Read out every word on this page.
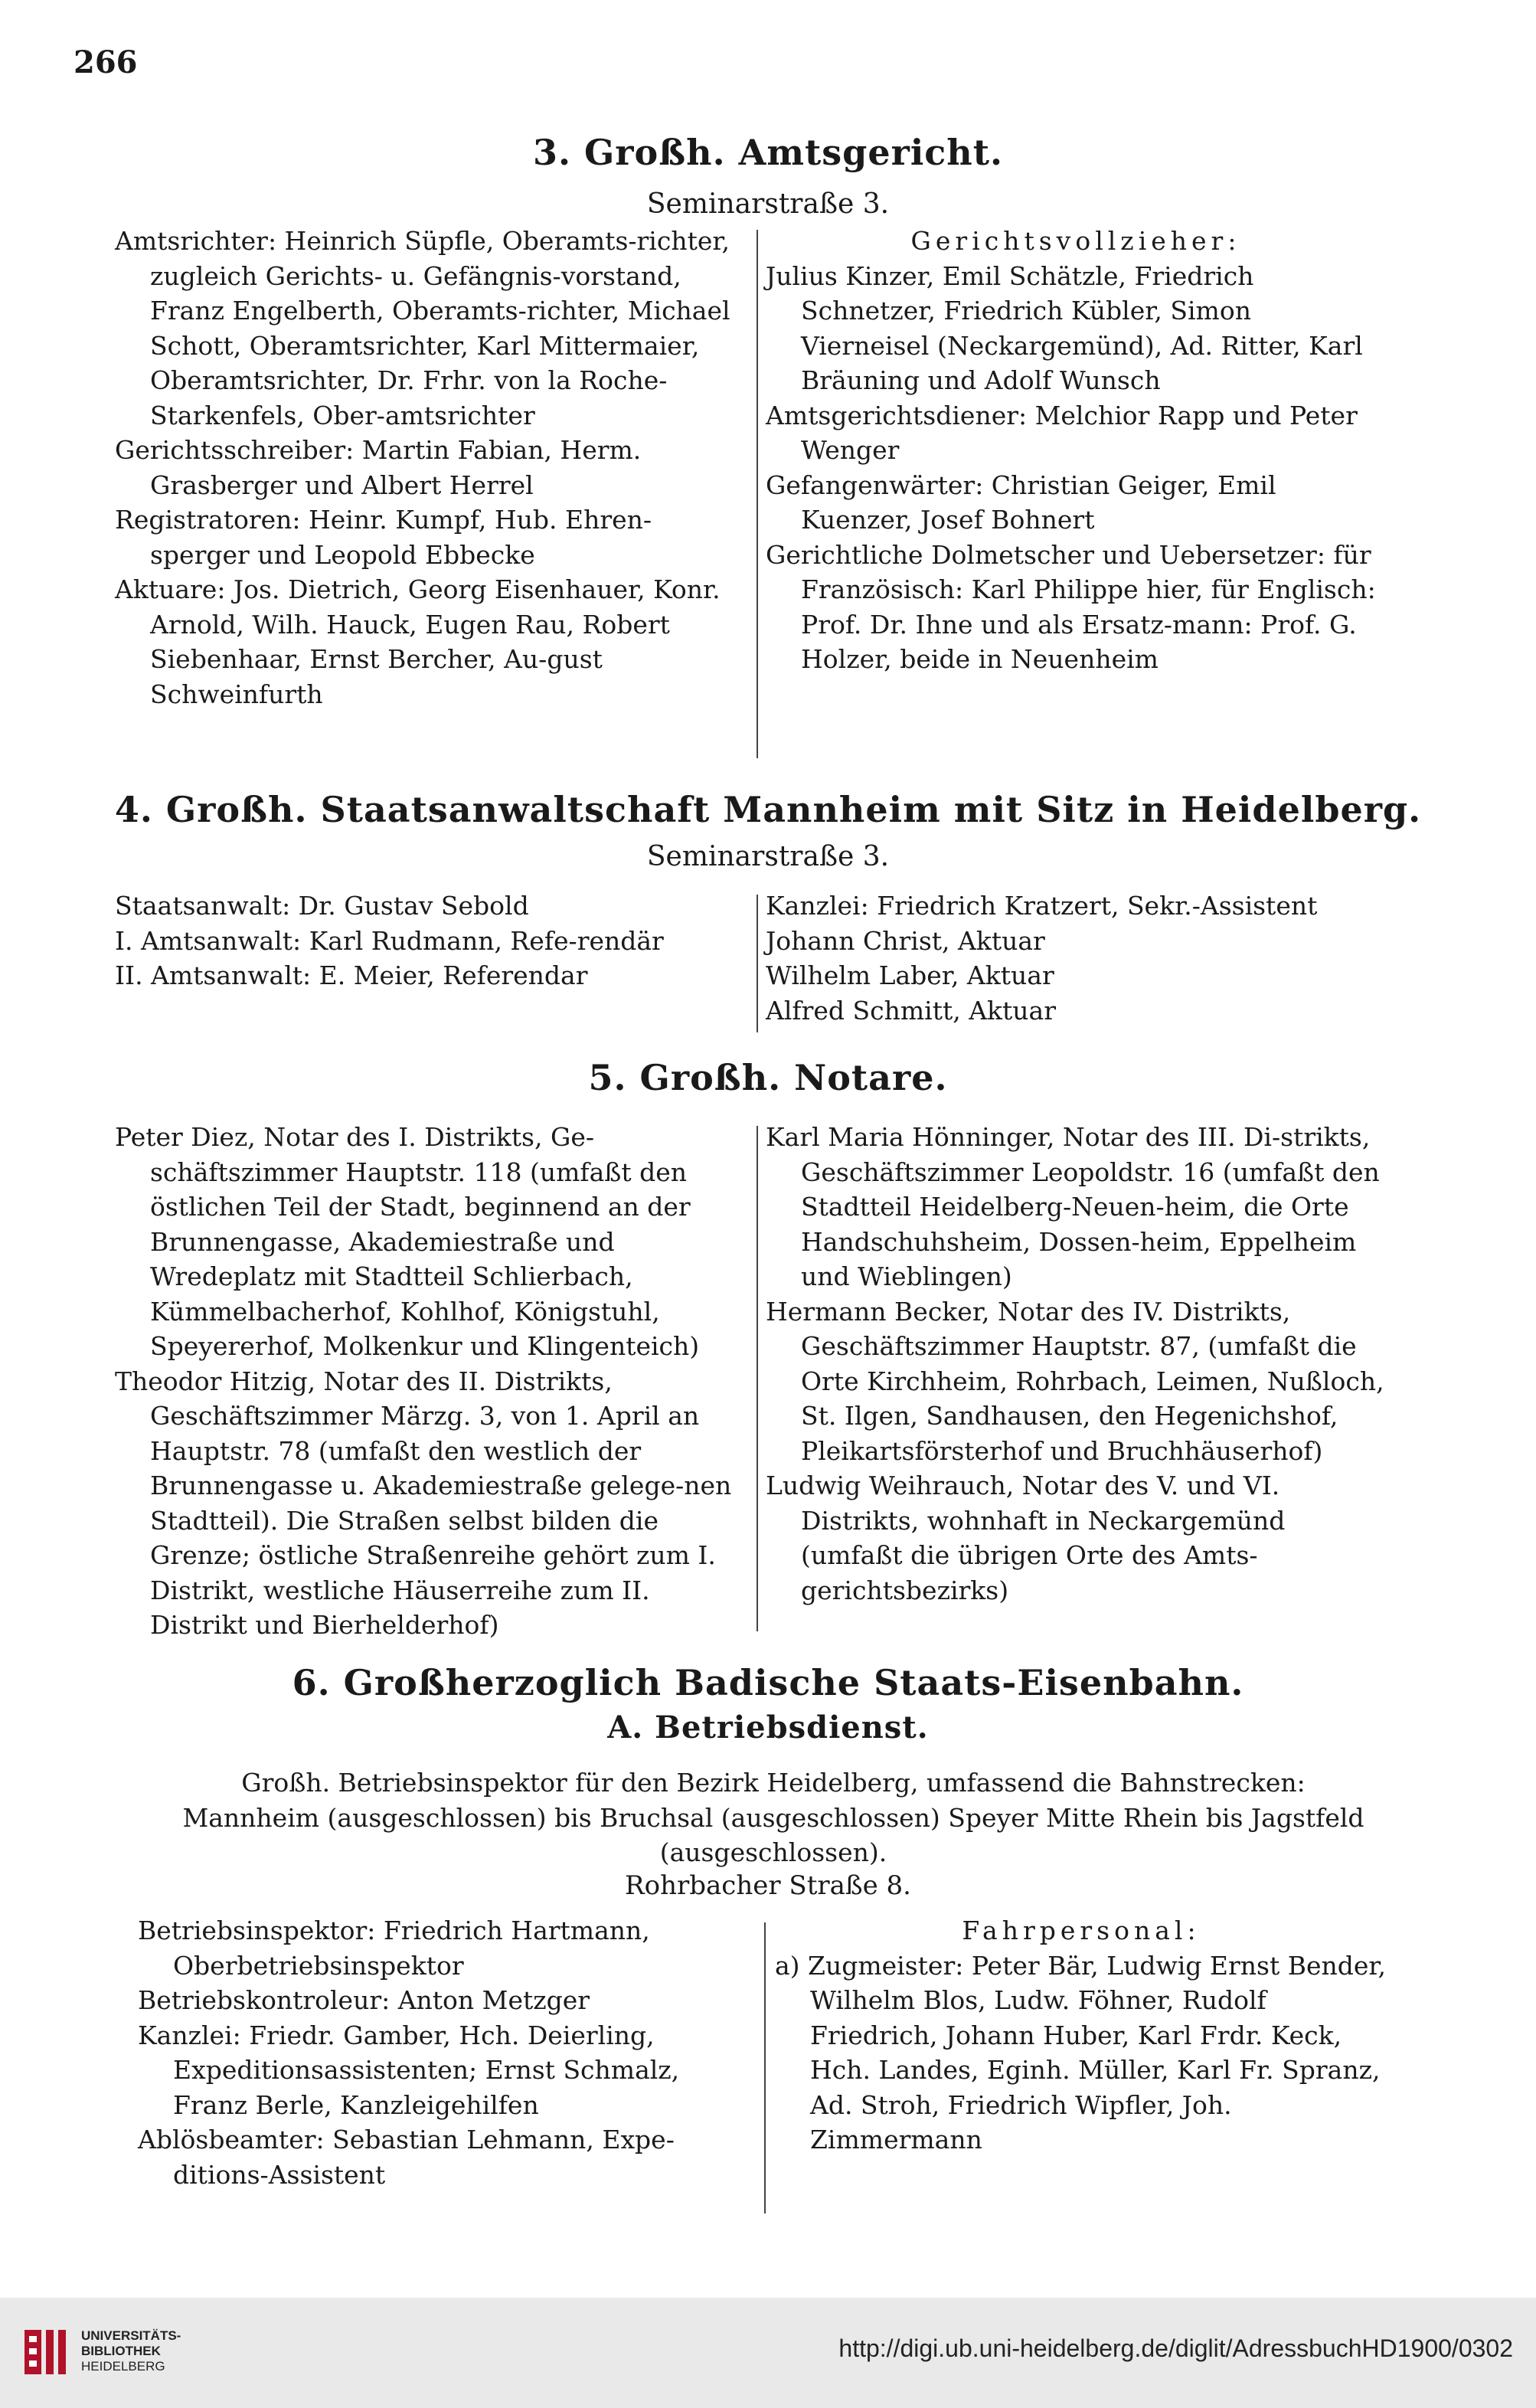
266
3. Großh. Amtsgericht.
Seminarstraße 3.

Amtsrichter: Heinrich Süpfle, Oberamts-richter, zugleich Gerichts- u. Gefängnis-vorstand, Franz Engelberth, Oberamts-richter, Michael Schott, Oberamtsrichter, Karl Mittermaier, Oberamtsrichter, Dr. Frhr. von la Roche-Starkenfels, Ober-amtsrichter

Gerichtsschreiber: Martin Fabian, Herm. Grasberger und Albert Herrel

Registratoren: Heinr. Kumpf, Hub. Ehren-sperger und Leopold Ebbecke

Aktuare: Jos. Dietrich, Georg Eisenhauer, Konr. Arnold, Wilh. Hauck, Eugen Rau, Robert Siebenhaar, Ernst Bercher, Au-gust Schweinfurth

Gerichtsvollzieher:

Julius Kinzer, Emil Schätzle, Friedrich Schnetzer, Friedrich Kübler, Simon Vierneisel (Neckargemünd), Ad. Ritter, Karl Bräuning und Adolf Wunsch

Amtsgerichtsdiener: Melchior Rapp und Peter Wenger

Gefangenwärter: Christian Geiger, Emil Kuenzer, Josef Bohnert

Gerichtliche Dolmetscher und Uebersetzer: für Französisch: Karl Philippe hier, für Englisch: Prof. Dr. Ihne und als Ersatz-mann: Prof. G. Holzer, beide in Neuenheim

4. Großh. Staatsanwaltschaft Mannheim mit Sitz in Heidelberg.
Seminarstraße 3.

Staatsanwalt: Dr. Gustav Sebold

I. Amtsanwalt: Karl Rudmann, Refe-rendär

II. Amtsanwalt: E. Meier, Referendar

Kanzlei: Friedrich Kratzert, Sekr.-Assistent

Johann Christ, Aktuar

Wilhelm Laber, Aktuar

Alfred Schmitt, Aktuar

5. Großh. Notare.

Peter Diez, Notar des I. Distrikts, Ge-schäftszimmer Hauptstr. 118 (umfaßt den östlichen Teil der Stadt, beginnend an der Brunnengasse, Akademiestraße und Wredeplatz mit Stadtteil Schlierbach, Kümmelbacherhof, Kohlhof, Königstuhl, Speyererhof, Molkenkur und Klingenteich)

Theodor Hitzig, Notar des II. Distrikts, Geschäftszimmer Märzg. 3, von 1. April an Hauptstr. 78 (umfaßt den westlich der Brunnengasse u. Akademiestraße gelege-nen Stadtteil). Die Straßen selbst bilden die Grenze; östliche Straßenreihe gehört zum I. Distrikt, westliche Häuserreihe zum II. Distrikt und Bierhelderhof)

Karl Maria Hönninger, Notar des III. Di-strikts, Geschäftszimmer Leopoldstr. 16 (umfaßt den Stadtteil Heidelberg-Neuen-heim, die Orte Handschuhsheim, Dossen-heim, Eppelheim und Wieblingen)

Hermann Becker, Notar des IV. Distrikts, Geschäftszimmer Hauptstr. 87, (umfaßt die Orte Kirchheim, Rohrbach, Leimen, Nußloch, St. Ilgen, Sandhausen, den Hegenichshof, Pleikartsförsterhof und Bruchhäuserhof)

Ludwig Weihrauch, Notar des V. und VI. Distrikts, wohnhaft in Neckargemünd (umfaßt die übrigen Orte des Amts-gerichtsbezirks)

6. Großherzoglich Badische Staats-Eisenbahn.
A. Betriebsdienst.
Großh. Betriebsinspektor für den Bezirk Heidelberg, umfassend die Bahnstrecken: Mannheim (ausgeschlossen) bis Bruchsal (ausgeschlossen) Speyer Mitte Rhein bis Jagstfeld (ausgeschlossen).
Rohrbacher Straße 8.

Betriebsinspektor: Friedrich Hartmann, Oberbetriebsinspektor

Betriebskontroleur: Anton Metzger

Kanzlei: Friedr. Gamber, Hch. Deierling, Expeditionsassistenten; Ernst Schmalz, Franz Berle, Kanzleigehilfen

Ablösbeamter: Sebastian Lehmann, Expe-ditions-Assistent

Fahrpersonal:

a) Zugmeister: Peter Bär, Ludwig Ernst Bender, Wilhelm Blos, Ludw. Föhner, Rudolf Friedrich, Johann Huber, Karl Frdr. Keck, Hch. Landes, Eginh. Müller, Karl Fr. Spranz, Ad. Stroh, Friedrich Wipfler, Joh. Zimmermann

UNIVERSITÄTS-
BIBLIOTHEK
HEIDELBERG
http://digi.ub.uni-heidelberg.de/diglit/AdressbuchHD1900/0302
